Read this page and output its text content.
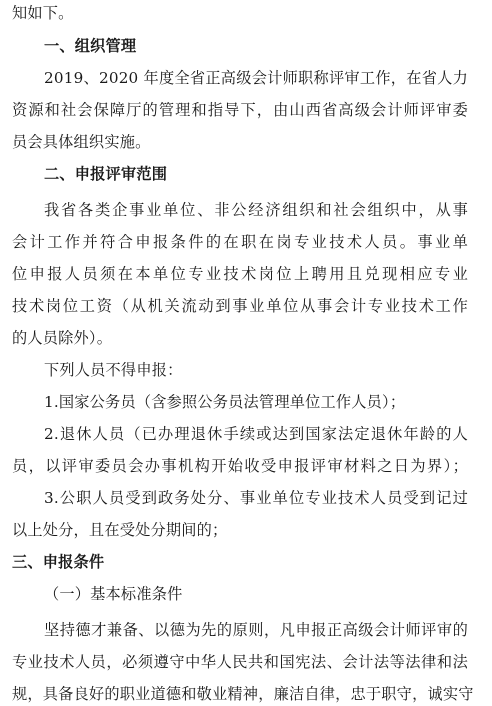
知如下。
一、组织管理
2019、2020 年度全省正高级会计师职称评审工作，在省人力
资源和社会保障厅的管理和指导下，由山西省高级会计师评审委
员会具体组织实施。
二、申报评审范围
我省各类企事业单位、非公经济组织和社会组织中，从事
会计工作并符合申报条件的在职在岗专业技术人员。事业单
位申报人员须在本单位专业技术岗位上聘用且兑现相应专业
技术岗位工资（从机关流动到事业单位从事会计专业技术工作
的人员除外）。
下列人员不得申报：
1.国家公务员（含参照公务员法管理单位工作人员）；
2.退休人员（已办理退休手续或达到国家法定退休年龄的人
员，以评审委员会办事机构开始收受申报评审材料之日为界）；
3.公职人员受到政务处分、事业单位专业技术人员受到记过
以上处分，且在受处分期间的；
三、申报条件
（一）基本标准条件
坚持德才兼备、以德为先的原则，凡申报正高级会计师评审的
专业技术人员，必须遵守中华人民共和国宪法、会计法等法律和法
规，具备良好的职业道德和敬业精神，廉洁自律，忠于职守，诚实守
